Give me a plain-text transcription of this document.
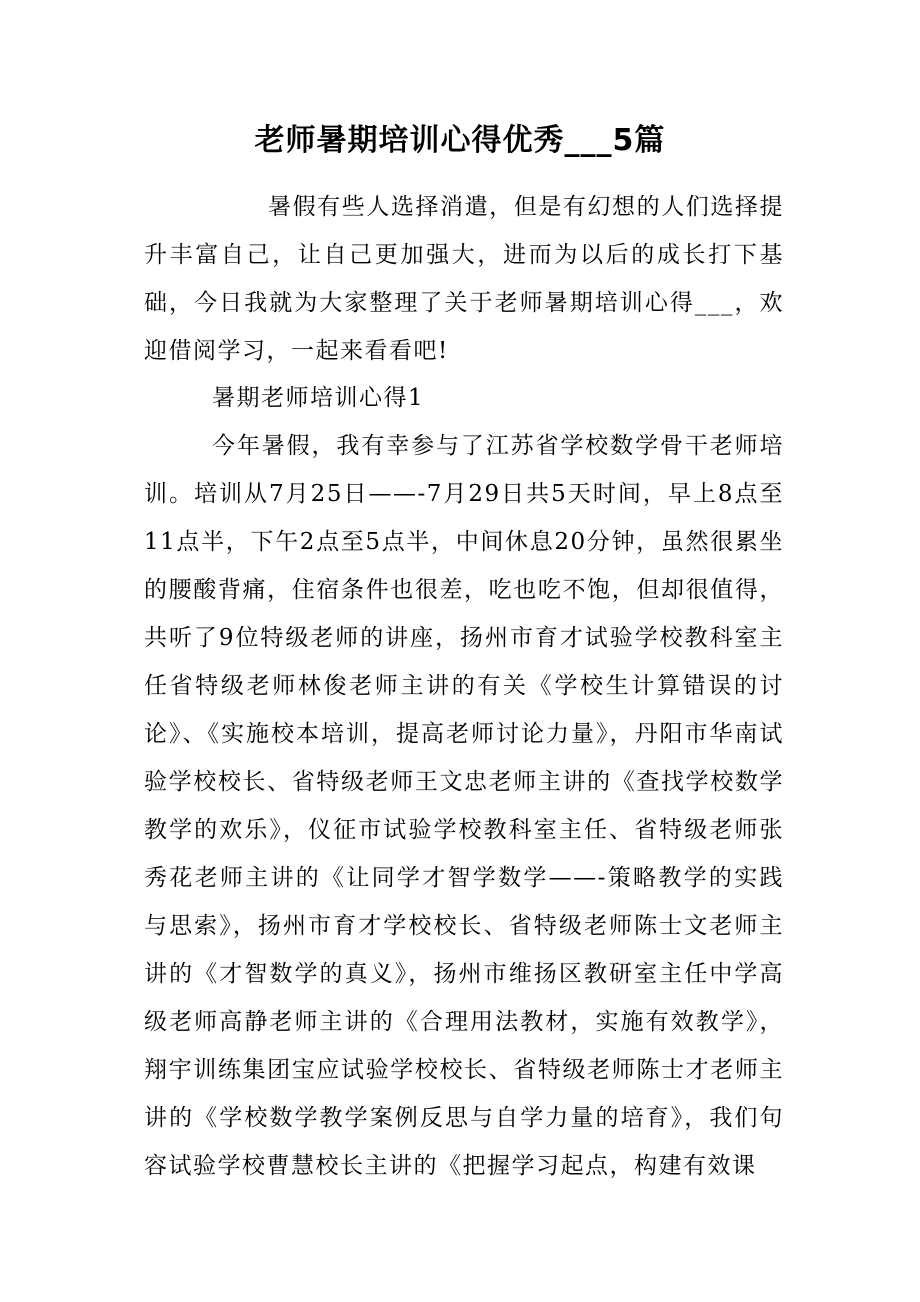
老师暑期培训心得优秀___5篇

暑假有些人选择消遣，但是有幻想的人们选择提升丰富自己，让自己更加强大，进而为以后的成长打下基础，今日我就为大家整理了关于老师暑期培训心得___，欢迎借阅学习，一起来看看吧!

暑期老师培训心得1

今年暑假，我有幸参与了江苏省学校数学骨干老师培训。培训从7月25日——-7月29日共5天时间，早上8点至11点半，下午2点至5点半，中间休息20分钟，虽然很累坐的腰酸背痛，住宿条件也很差，吃也吃不饱，但却很值得，共听了9位特级老师的讲座，扬州市育才试验学校教科室主任省特级老师林俊老师主讲的有关《学校生计算错误的讨论》、《实施校本培训，提高老师讨论力量》，丹阳市华南试验学校校长、省特级老师王文忠老师主讲的《查找学校数学教学的欢乐》，仪征市试验学校教科室主任、省特级老师张秀花老师主讲的《让同学才智学数学——-策略教学的实践与思索》，扬州市育才学校校长、省特级老师陈士文老师主讲的《才智数学的真义》，扬州市维扬区教研室主任中学高级老师高静老师主讲的《合理用法教材，实施有效教学》，翔宇训练集团宝应试验学校校长、省特级老师陈士才老师主讲的《学校数学教学案例反思与自学力量的培育》，我们句容试验学校曹慧校长主讲的《把握学习起点，构建有效课
